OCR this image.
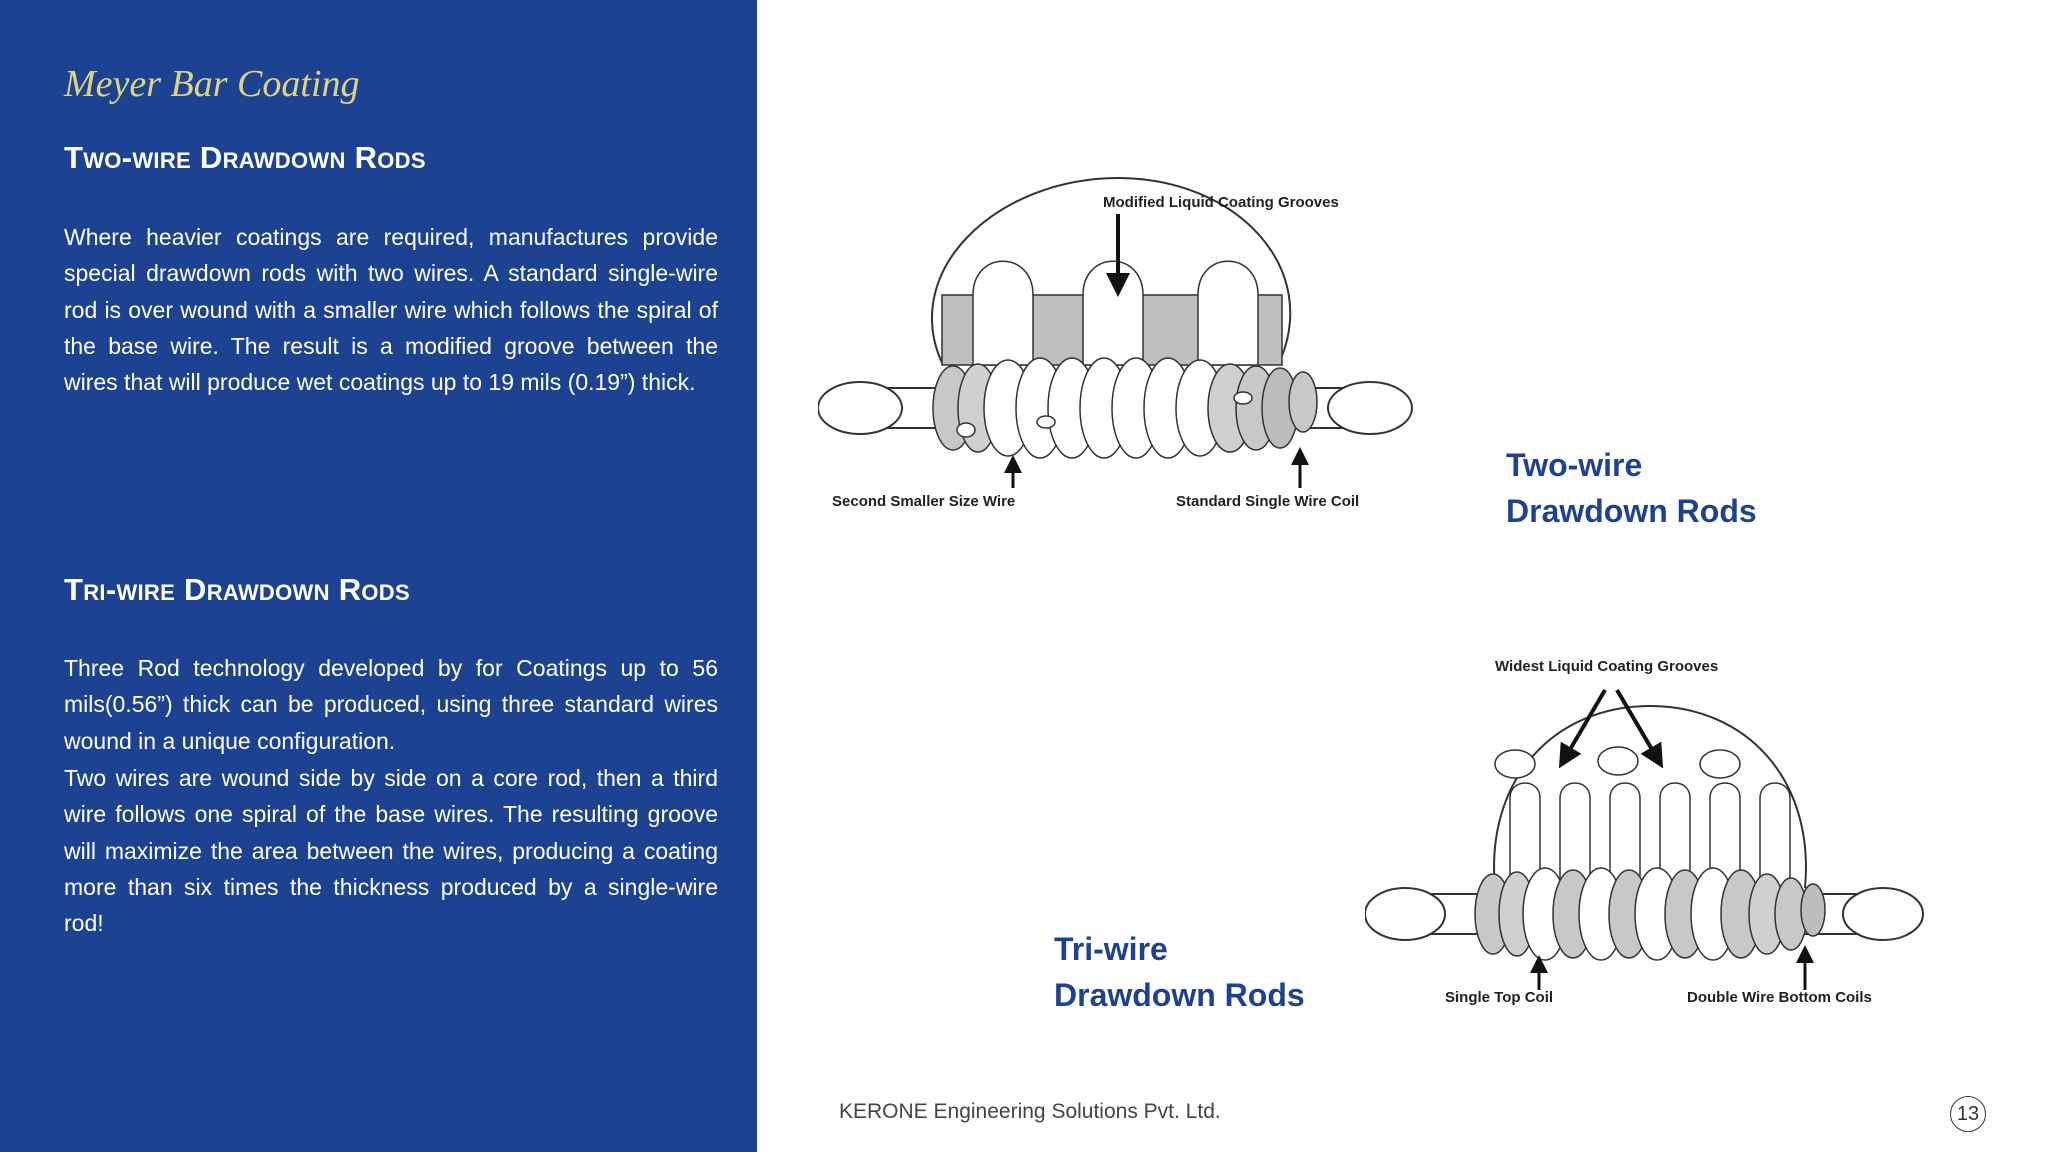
Meyer Bar Coating
Two-wire Drawdown Rods

Where heavier coatings are required, manufactures provide special drawdown rods with two wires. A standard single-wire rod is over wound with a smaller wire which follows the spiral of the base wire. The result is a modified groove between the wires that will produce wet coatings up to 19 mils (0.19”) thick.

Tri-wire Drawdown Rods

Three Rod technology developed by for Coatings up to 56 mils(0.56”) thick can be produced, using three standard wires wound in a unique configuration.

Two wires are wound side by side on a core rod, then a third wire follows one spiral of the base wires. The resulting groove will maximize the area between the wires, producing a coating more than six times the thickness produced by a single-wire rod!

Modified Liquid Coating Grooves
Second Smaller Size Wire	Standard Single Wire Coil

Two-wire
Drawdown Rods

Widest Liquid Coating Grooves
Single Top Coil	Double Wire Bottom Coils

Tri-wire
Drawdown Rods

KERONE Engineering Solutions Pvt. Ltd.	13
